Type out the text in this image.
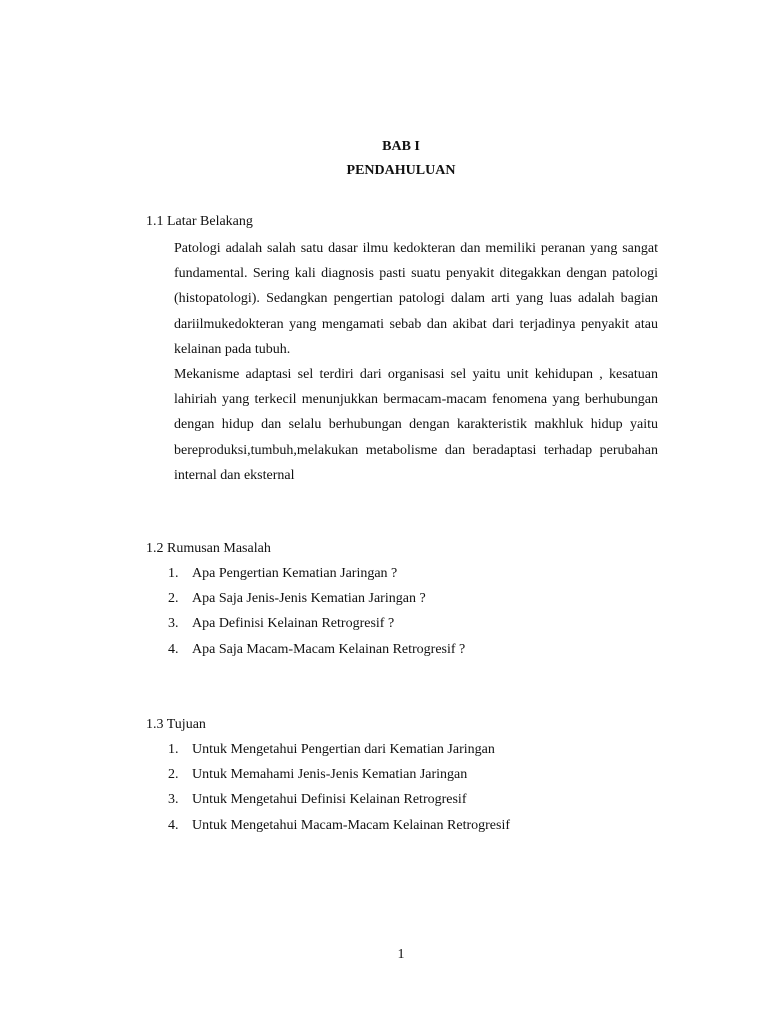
BAB I
PENDAHULUAN
1.1 Latar Belakang

Patologi adalah salah satu dasar ilmu kedokteran dan memiliki peranan yang sangat fundamental. Sering kali diagnosis pasti suatu penyakit ditegakkan dengan patologi (histopatologi). Sedangkan pengertian patologi dalam arti yang luas adalah bagian dariilmukedokteran yang mengamati sebab dan akibat dari terjadinya penyakit atau kelainan pada tubuh.

Mekanisme adaptasi sel terdiri dari organisasi sel yaitu unit kehidupan , kesatuan lahiriah yang terkecil menunjukkan bermacam-macam fenomena yang berhubungan dengan hidup dan selalu berhubungan dengan karakteristik makhluk hidup yaitu bereproduksi,tumbuh,melakukan metabolisme dan beradaptasi terhadap perubahan internal dan eksternal

1.2 Rumusan Masalah
1. Apa Pengertian Kematian Jaringan ?
2. Apa Saja Jenis-Jenis Kematian Jaringan ?
3. Apa Definisi Kelainan Retrogresif ?
4. Apa Saja Macam-Macam Kelainan Retrogresif ?
1.3 Tujuan
1. Untuk Mengetahui Pengertian dari Kematian Jaringan
2. Untuk Memahami Jenis-Jenis Kematian Jaringan
3. Untuk Mengetahui Definisi Kelainan Retrogresif
4. Untuk Mengetahui Macam-Macam Kelainan Retrogresif
1
